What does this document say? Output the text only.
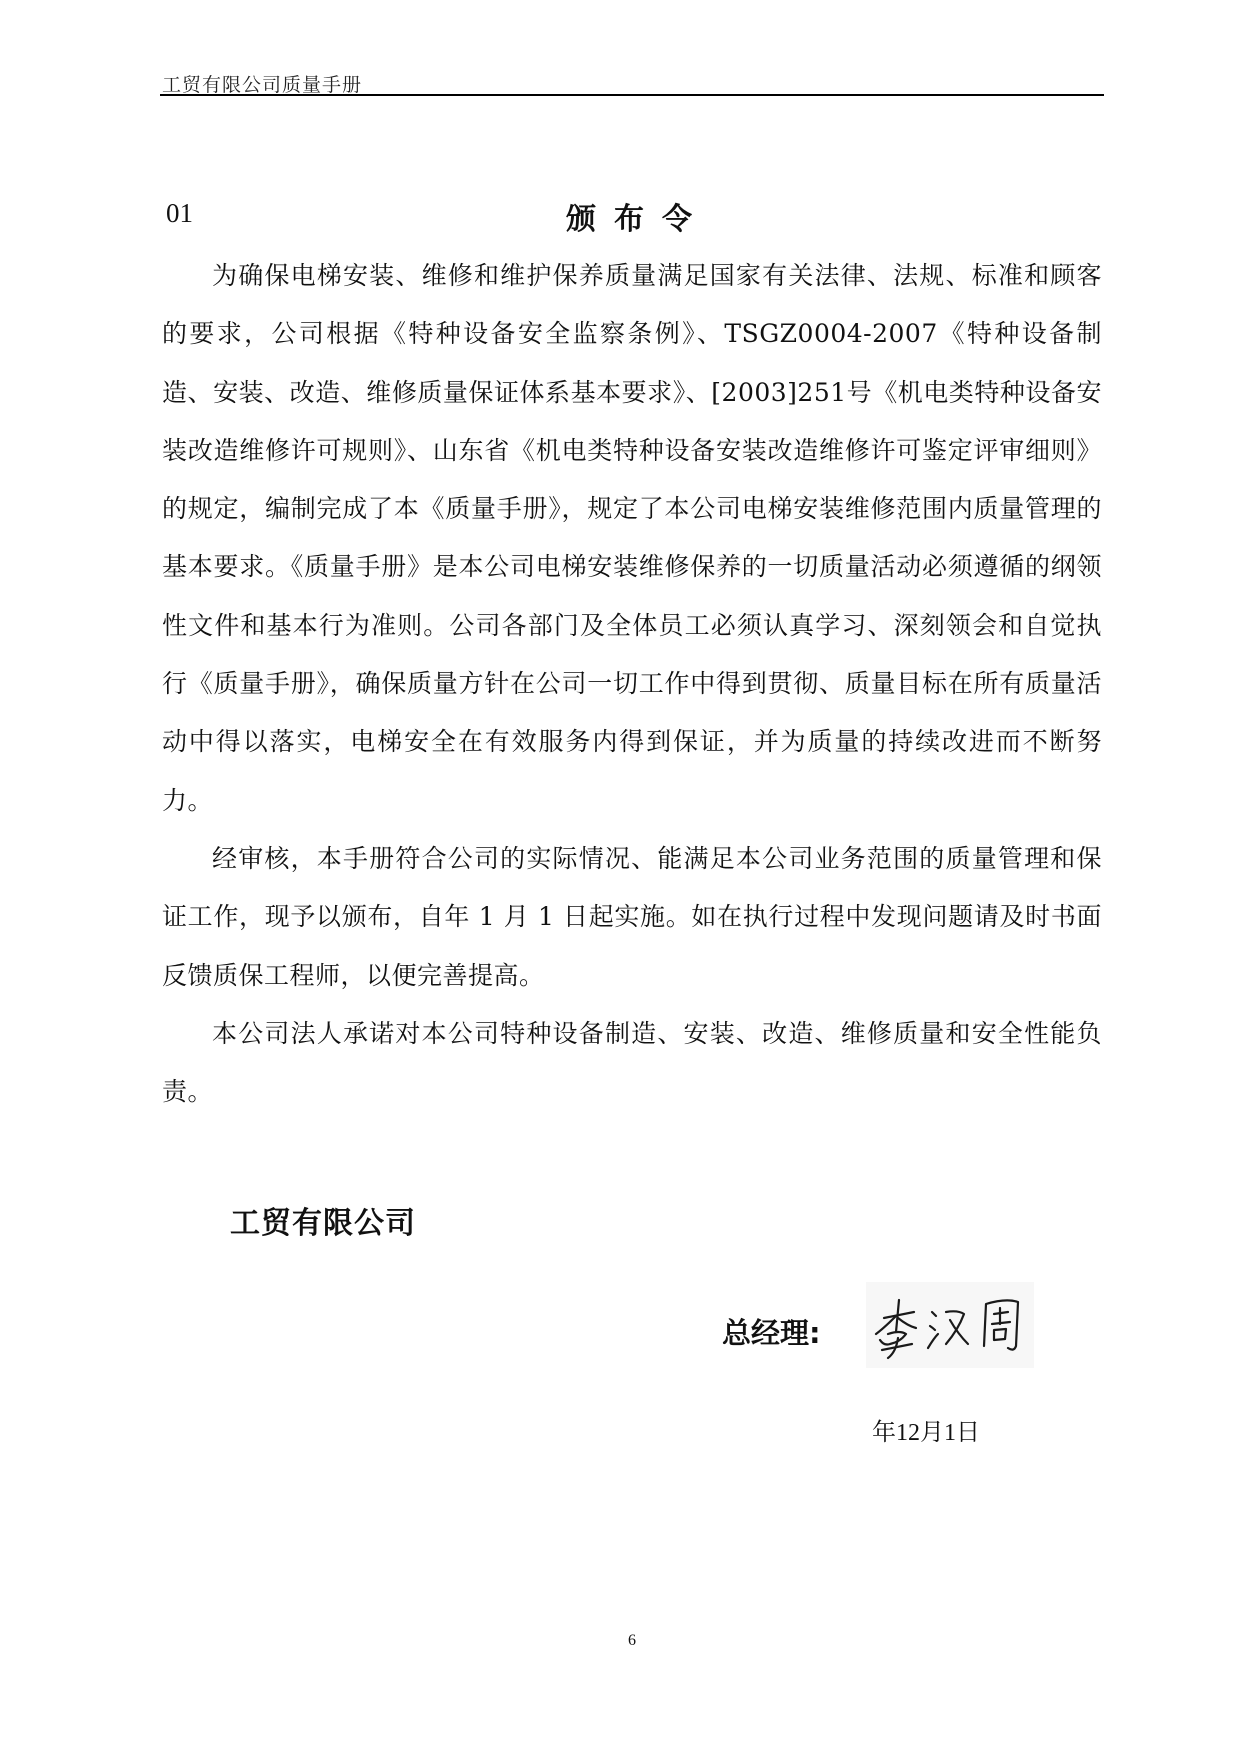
工贸有限公司质量手册
01	颁布令

为确保电梯安装、维修和维护保养质量满足国家有关法律、法规、标准和顾客的要求，公司根据《特种设备安全监察条例》、TSGZ0004-2007《特种设备制造、安装、改造、维修质量保证体系基本要求》、[2003]251号《机电类特种设备安装改造维修许可规则》、山东省《机电类特种设备安装改造维修许可鉴定评审细则》的规定，编制完成了本《质量手册》，规定了本公司电梯安装维修范围内质量管理的基本要求。《质量手册》是本公司电梯安装维修保养的一切质量活动必须遵循的纲领性文件和基本行为准则。公司各部门及全体员工必须认真学习、深刻领会和自觉执行《质量手册》，确保质量方针在公司一切工作中得到贯彻、质量目标在所有质量活动中得以落实，电梯安全在有效服务内得到保证，并为质量的持续改进而不断努力。

经审核，本手册符合公司的实际情况、能满足本公司业务范围的质量管理和保证工作，现予以颁布，自年 1 月 1 日起实施。如在执行过程中发现问题请及时书面反馈质保工程师，以便完善提高。

本公司法人承诺对本公司特种设备制造、安装、改造、维修质量和安全性能负责。

工贸有限公司
总经理:
年12月1日
6
